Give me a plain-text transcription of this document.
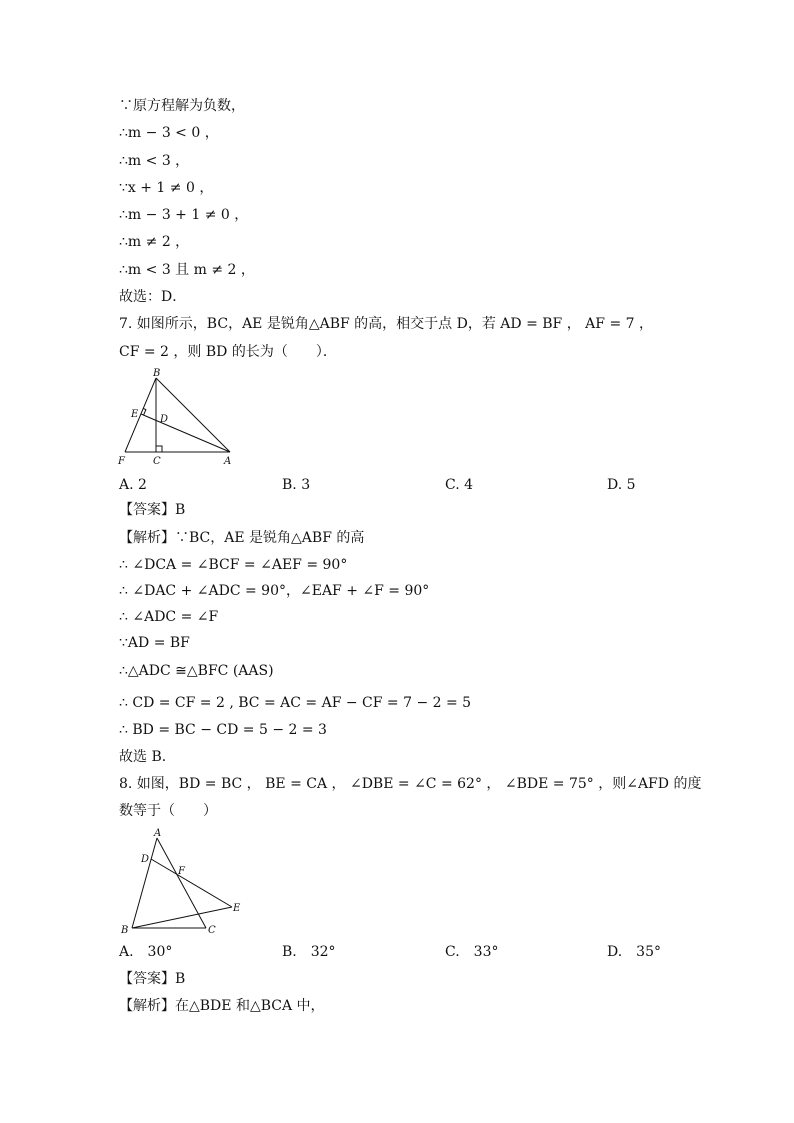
∵原方程解为负数，
∴m − 3 < 0 ，
∴m < 3 ，
∵x + 1 ≠ 0 ，
∴m − 3 + 1 ≠ 0 ，
∴m ≠ 2 ，
∴m < 3 且 m ≠ 2 ，
故选：D．
7. 如图所示，BC，AE 是锐角△ABF 的高，相交于点 D，若 AD = BF ， AF = 7 ，
CF = 2 ，则 BD 的长为（　　）．
B
E D
F	C	A
A. 2	B. 3	C. 4	D. 5
【答案】B
【解析】∵BC，AE 是锐角△ABF 的高
∴ ∠DCA = ∠BCF = ∠AEF = 90°
∴ ∠DAC + ∠ADC = 90°，∠EAF + ∠F = 90°
∴ ∠ADC = ∠F
∵AD = BF
∴△ADC ≅△BFC (AAS)
∴ CD = CF = 2 , BC = AC = AF − CF = 7 − 2 = 5
∴ BD = BC − CD = 5 − 2 = 3
故选 B．
8. 如图，BD = BC ， BE = CA ， ∠DBE = ∠C = 62° ， ∠BDE = 75° ，则∠AFD 的度
数等于（　　）
A
D
F
E
B	C
A.　30°	B.　32°	C.　33°	D.　35°
【答案】B
【解析】在△BDE 和△BCA 中，
